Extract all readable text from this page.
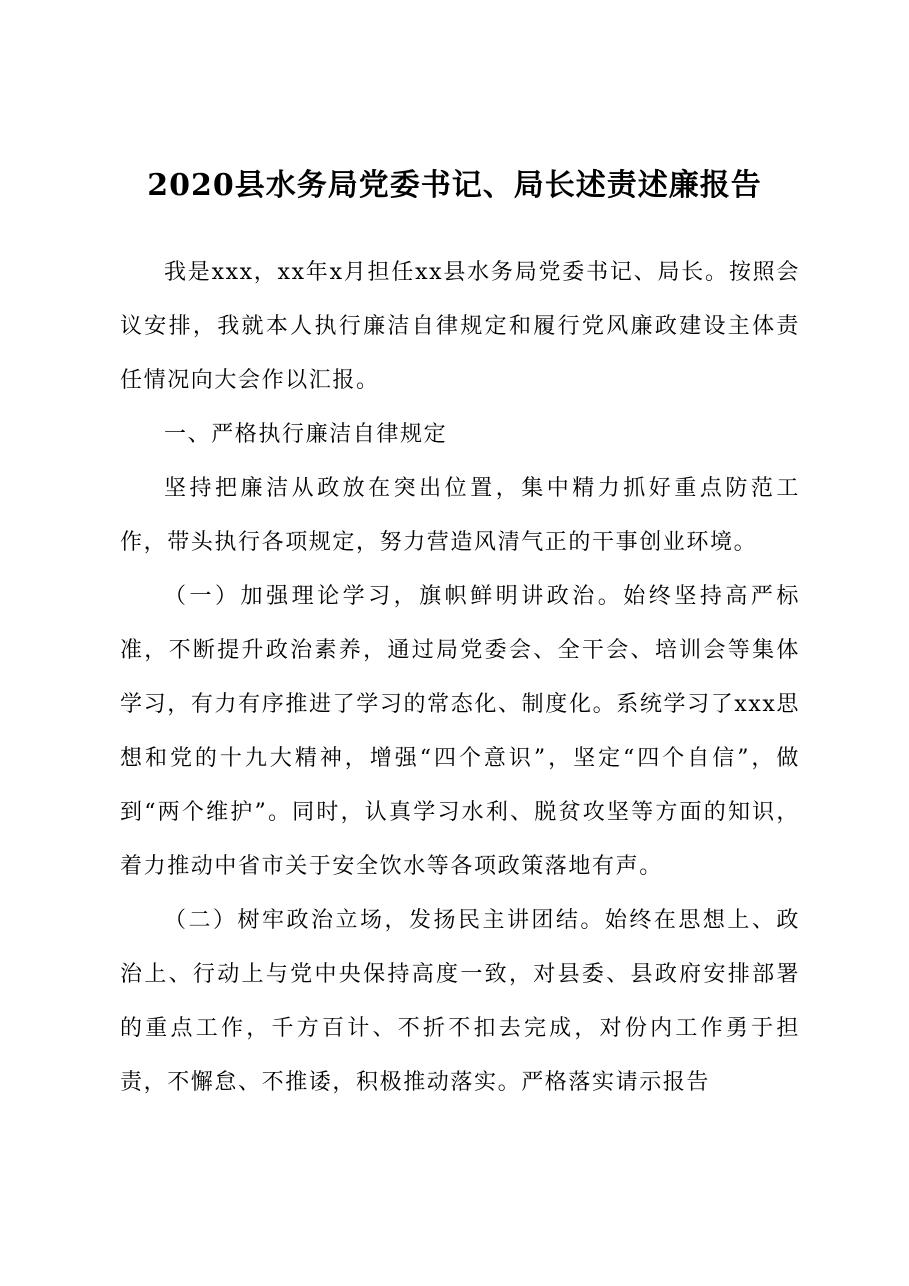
2020县水务局党委书记、局长述责述廉报告

我是xxx，xx年x月担任xx县水务局党委书记、局长。按照会议安排，我就本人执行廉洁自律规定和履行党风廉政建设主体责任情况向大会作以汇报。

一、严格执行廉洁自律规定

坚持把廉洁从政放在突出位置，集中精力抓好重点防范工作，带头执行各项规定，努力营造风清气正的干事创业环境。

（一）加强理论学习，旗帜鲜明讲政治。始终坚持高严标准，不断提升政治素养，通过局党委会、全干会、培训会等集体学习，有力有序推进了学习的常态化、制度化。系统学习了xxx思想和党的十九大精神，增强“四个意识”，坚定“四个自信”，做到“两个维护”。同时，认真学习水利、脱贫攻坚等方面的知识，着力推动中省市关于安全饮水等各项政策落地有声。

（二）树牢政治立场，发扬民主讲团结。始终在思想上、政治上、行动上与党中央保持高度一致，对县委、县政府安排部署的重点工作，千方百计、不折不扣去完成，对份内工作勇于担责，不懈怠、不推诿，积极推动落实。严格落实请示报告
